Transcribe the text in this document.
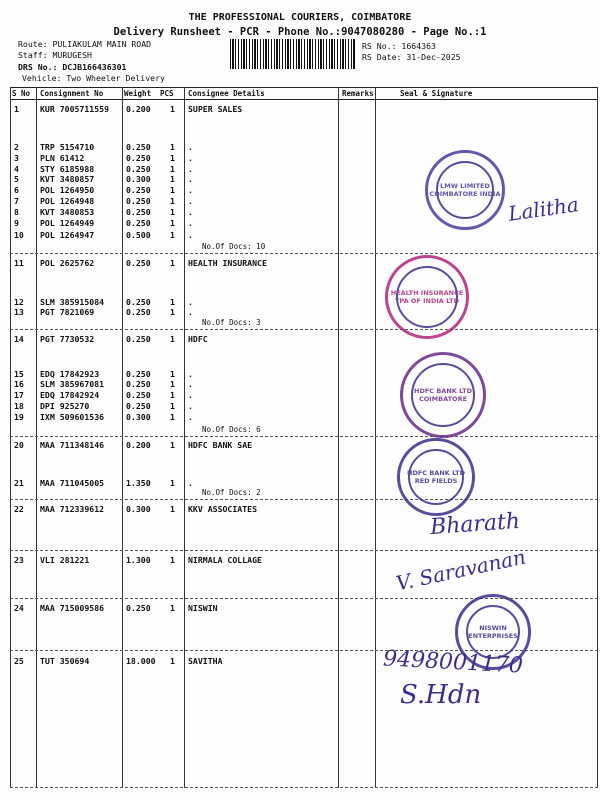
THE PROFESSIONAL COURIERS, COIMBATORE
Delivery Runsheet - PCR - Phone No.:9047080280 - Page No.:1
Route: PULIAKULAM MAIN ROAD
Staff: MURUGESH
DRS No.: DCJB166436301
Vehicle: Two Wheeler Delivery
RS No.: 1664363
RS Date: 31-Dec-2025
S No Consignment No	Weight PCS Consignee Details	Remarks	Seal & Signature
1	KUR 7005711559 0.200 1 SUPER SALES
2	TRP 5154710	0.250 1 .
3	PLN 61412	0.250 1 .
4	STY 6185988	0.250 1 .
5	KVT 3480857	0.300 1 .
6	POL 1264950	0.250 1 .
7	POL 1264948	0.250 1 .
8	KVT 3480853	0.250 1 .
9	POL 1264949	0.250 1 .
10 POL 1264947	0.500 1 .
11 POL 2625762	0.250 1 HEALTH INSURANCE
12 SLM 385915084	0.250 1 .
13 PGT 7821069	0.250 1 .
14 PGT 7730532	0.250 1 HDFC
15 EDQ 17842923	0.250 1 .
16 SLM 385967081	0.250 1 .
17 EDQ 17842924	0.250 1 .
18 DPI 925270	0.250 1 .
19 IXM 509601536	0.300 1 .
20 MAA 711348146	0.200 1 HDFC BANK SAE
21 MAA 711045005	1.350 1 .
22 MAA 712339612	0.300 1 KKV ASSOCIATES
23 VLI 281221	1.300 1 NIRMALA COLLAGE
24 MAA 715009586	0.250 1 NISWIN
25 TUT 350694	18.000 1 SAVITHA
No.Of Docs: 10
No.Of Docs: 3
No.Of Docs: 6
No.Of Docs: 2
LMW LIMITED COIMBATORE INDIA
HEALTH INSURANCE TPA OF INDIA LTD
HDFC BANK LTD COIMBATORE
HDFC BANK LTD RED FIELDS
NISWIN ENTERPRISES
Lalitha
Bharath
V. Saravanan
9498001170
S.Hdn
